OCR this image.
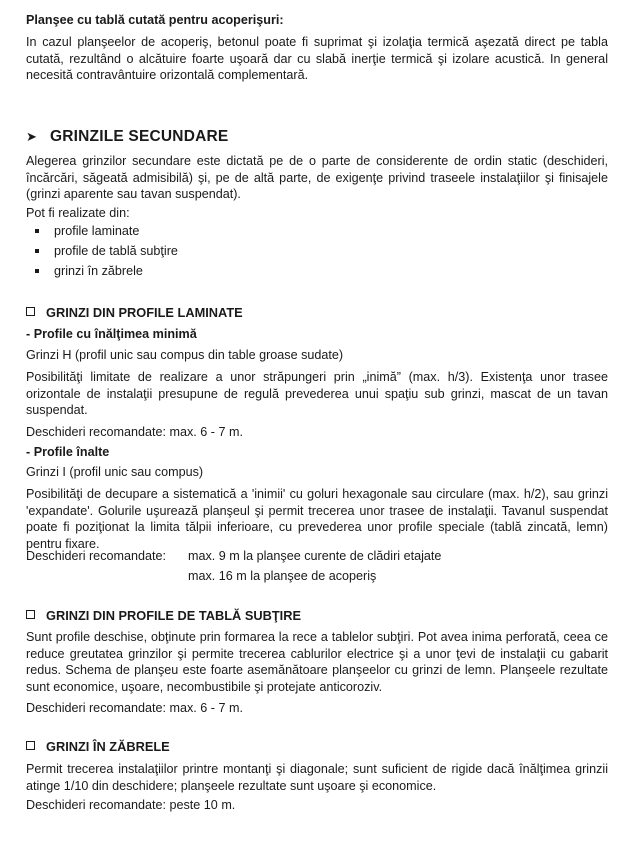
Planşee cu tablă cutată pentru acoperişuri:

In cazul planşeelor de acoperiş, betonul poate fi suprimat şi izolaţia termică aşezată direct pe tabla cutată, rezultând o alcătuire foarte uşoară dar cu slabă inerţie termică şi izolare acustică. In general necesită contravântuire orizontală complementară.

➤ GRINZILE SECUNDARE

Alegerea grinzilor secundare este dictată pe de o parte de considerente de ordin static (deschideri, încărcări, săgeată admisibilă) şi, pe de altă parte, de exigenţe privind traseele instalaţiilor şi finisajele (grinzi aparente sau tavan suspendat).

Pot fi realizate din:
profile laminate
profile de tablă subţire
grinzi în zăbrele
GRINZI DIN PROFILE LAMINATE
- Profile cu înălţimea minimă
Grinzi H (profil unic sau compus din table groase sudate)

Posibilităţi limitate de realizare a unor străpungeri prin „inimă” (max. h/3). Existenţa unor trasee orizontale de instalaţii presupune de regulă prevederea unui spaţiu sub grinzi, mascat de un tavan suspendat.

Deschideri recomandate: max. 6 - 7 m.
- Profile înalte
Grinzi I (profil unic sau compus)

Posibilităţi de decupare a sistematică a 'inimii' cu goluri hexagonale sau circulare (max. h/2), sau grinzi 'expandate'. Golurile uşurează planşeul şi permit trecerea unor trasee de instalaţii. Tavanul suspendat poate fi poziţionat la limita tălpii inferioare, cu prevederea unor profile speciale (tablă zincată, lemn) pentru fixare.

Deschideri recomandate:	max. 9 m la planşee curente de clădiri etajate
max. 16 m la planşee de acoperiş
GRINZI DIN PROFILE DE TABLĂ SUBŢIRE

Sunt profile deschise, obţinute prin formarea la rece a tablelor subţiri. Pot avea inima perforată, ceea ce reduce greutatea grinzilor şi permite trecerea cablurilor electrice şi a unor ţevi de instalaţii cu gabarit redus. Schema de planşeu este foarte asemănătoare planşeelor cu grinzi de lemn. Planşeele rezultate sunt economice, uşoare, necombustibile şi protejate anticoroziv.

Deschideri recomandate: max. 6 - 7 m.
GRINZI ÎN ZĂBRELE

Permit trecerea instalaţiilor printre montanţi şi diagonale; sunt suficient de rigide dacă înălţimea grinzii atinge 1/10 din deschidere; planşeele rezultate sunt uşoare şi economice.

Deschideri recomandate: peste 10 m.
